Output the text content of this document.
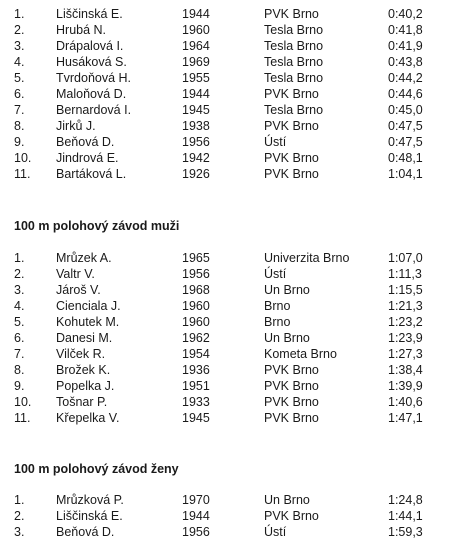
1.	Liščinská E.	1944	PVK Brno	0:40,2
2.	Hrubá N.	1960	Tesla Brno	0:41,8
3.	Drápalová I.	1964	Tesla Brno	0:41,9
4.	Husáková S.	1969	Tesla Brno	0:43,8
5.	Tvrdoňová H.	1955	Tesla Brno	0:44,2
6.	Maloňová D.	1944	PVK Brno	0:44,6
7.	Bernardová I.	1945	Tesla Brno	0:45,0
8.	Jirků J.	1938	PVK Brno	0:47,5
9.	Beňová D.	1956	Ústí	0:47,5
10. Jindrová E.	1942	PVK Brno	0:48,1
11. Bartáková L.	1926	PVK Brno	1:04,1
100 m polohový závod muži
1.	Mrůzek A.	1965	Univerzita Brno	1:07,0
2.	Valtr V.	1956	Ústí	1:11,3
3.	Jároš V.	1968	Un Brno	1:15,5
4.	Cienciala J.	1960	Brno	1:21,3
5.	Kohutek M.	1960	Brno	1:23,2
6.	Danesi M.	1962	Un Brno	1:23,9
7.	Vilček R.	1954	Kometa Brno	1:27,3
8.	Brožek K.	1936	PVK Brno	1:38,4
9.	Popelka J.	1951	PVK Brno	1:39,9
10. Tošnar P.	1933	PVK Brno	1:40,6
11. Křepelka V.	1945	PVK Brno	1:47,1
100 m polohový závod ženy
1.	Mrůzková P.	1970	Un Brno	1:24,8
2.	Liščinská E.	1944	PVK Brno	1:44,1
3.	Beňová D.	1956	Ústí	1:59,3
